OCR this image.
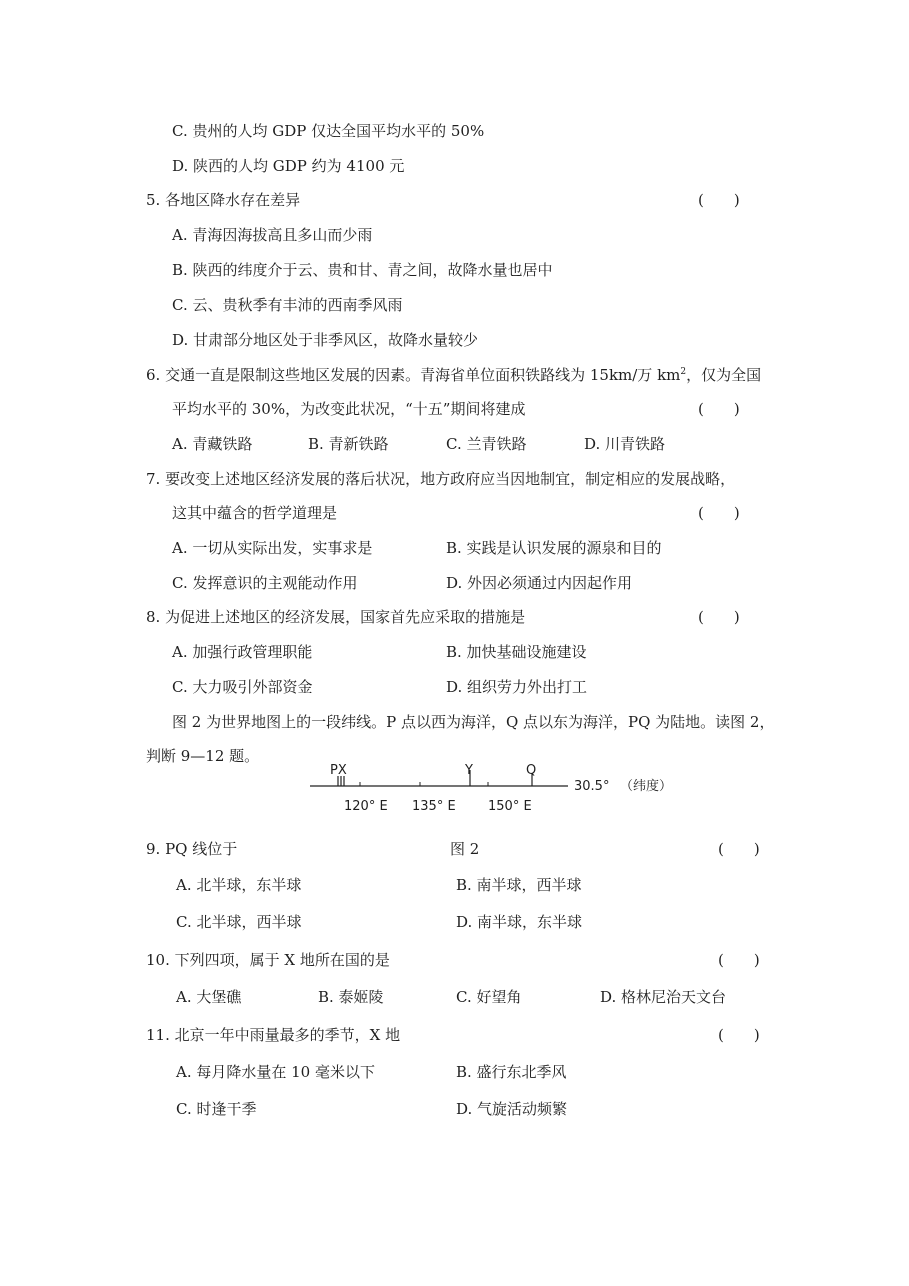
C. 贵州的人均 GDP 仅达全国平均水平的 50%
D. 陕西的人均 GDP 约为 4100 元
5. 各地区降水存在差异	(　　)
A. 青海因海拔高且多山而少雨
B. 陕西的纬度介于云、贵和甘、青之间，故降水量也居中
C. 云、贵秋季有丰沛的西南季风雨
D. 甘肃部分地区处于非季风区，故降水量较少
6. 交通一直是限制这些地区发展的因素。青海省单位面积铁路线为 15km/万 $km^2$，仅为全国
平均水平的 30%，为改变此状况，“十五”期间将建成	(　　)
A. 青藏铁路	B. 青新铁路	C. 兰青铁路	D. 川青铁路
7. 要改变上述地区经济发展的落后状况，地方政府应当因地制宜，制定相应的发展战略，
这其中蕴含的哲学道理是	(　　)
A. 一切从实际出发，实事求是	B. 实践是认识发展的源泉和目的
C. 发挥意识的主观能动作用	D. 外因必须通过内因起作用
8. 为促进上述地区的经济发展，国家首先应采取的措施是	(　　)
A. 加强行政管理职能	B. 加快基础设施建设
C. 大力吸引外部资金	D. 组织劳力外出打工
图 2 为世界地图上的一段纬线。P 点以西为海洋，Q 点以东为海洋，PQ 为陆地。读图 2，
判断 9—12 题。
PX	Y	Q
30.5° （纬度）
120° E 135° E 150° E
9. PQ 线位于	图 2	(　　)
A. 北半球，东半球	B. 南半球，西半球
C. 北半球，西半球	D. 南半球，东半球
10. 下列四项，属于 X 地所在国的是	(　　)
A. 大堡礁	B. 泰姬陵	C. 好望角	D. 格林尼治天文台
11. 北京一年中雨量最多的季节，X 地	(　　)
A. 每月降水量在 10 毫米以下	B. 盛行东北季风
C. 时逢干季	D. 气旋活动频繁
